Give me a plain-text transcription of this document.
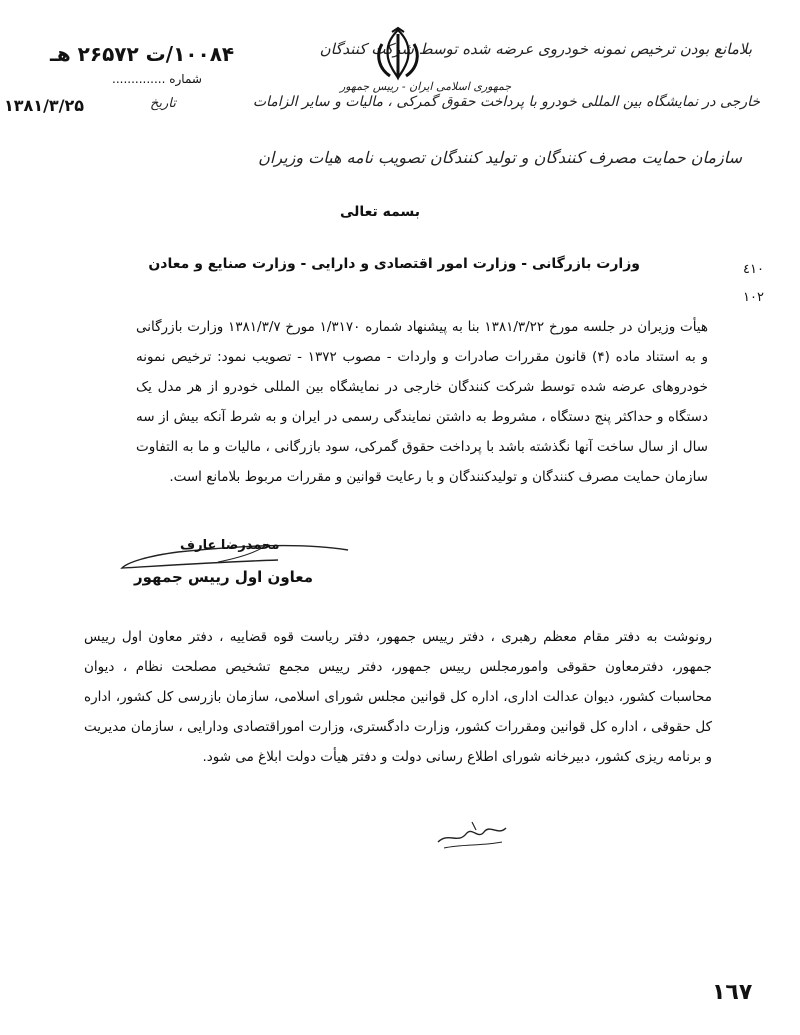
بلامانع بودن ترخیص نمونه خودروی عرضه شده توسط شرکت کنندگان
۱۰۰۸۴/ت ۲۶۵۷۲ هـ
شماره ..............
جمهوری اسلامی ایران - رییس جمهور
خارجی در نمایشگاه بین المللی خودرو با پرداخت حقوق گمرکی ، مالیات و سایر الزامات
تاریخ
۱۳۸۱/۳/۲۵
سازمان حمایت مصرف کنندگان و تولید کنندگان تصویب نامه هیات وزیران
بسمه تعالی
وزارت بازرگانی - وزارت امور اقتصادی و دارایی - وزارت صنایع و معادن	٤١٠
١٠٢
هیأت وزیران در جلسه مورخ ۱۳۸۱/۳/۲۲ بنا به پیشنهاد شماره ۱/۳۱۷۰ مورخ ۱۳۸۱/۳/۷ وزارت بازرگانی و به استناد ماده (۴) قانون مقررات صادرات و واردات - مصوب ۱۳۷۲ - تصویب نمود: ترخیص نمونه خودروهای عرضه شده توسط شرکت کنندگان خارجی در نمایشگاه بین المللی خودرو از هر مدل یک دستگاه و حداکثر پنج دستگاه ، مشروط به داشتن نمایندگی رسمی در ایران و به شرط آنکه بیش از سه سال از سال ساخت آنها نگذشته باشد با پرداخت حقوق گمرکی، سود بازرگانی ، مالیات و ما به التفاوت سازمان حمایت مصرف کنندگان و تولیدکنندگان و با رعایت قوانین و مقررات مربوط بلامانع است.
محمدرضا عارف
معاون اول رییس جمهور
رونوشت به دفتر مقام معظم رهبری ، دفتر رییس جمهور، دفتر ریاست قوه قضاییه ، دفتر معاون اول رییس جمهور، دفترمعاون حقوقی وامورمجلس رییس جمهور، دفتر رییس مجمع تشخیص مصلحت نظام ، دیوان محاسبات کشور، دیوان عدالت اداری، اداره کل قوانین مجلس شورای اسلامی، سازمان بازرسی کل کشور، اداره کل حقوقی ، اداره کل قوانین ومقررات کشور، وزارت دادگستری، وزارت اموراقتصادی ودارایی ، سازمان مدیریت و برنامه ریزی کشور، دبیرخانه شورای اطلاع رسانی دولت و دفتر هیأت دولت ابلاغ می شود.
١٦٧
